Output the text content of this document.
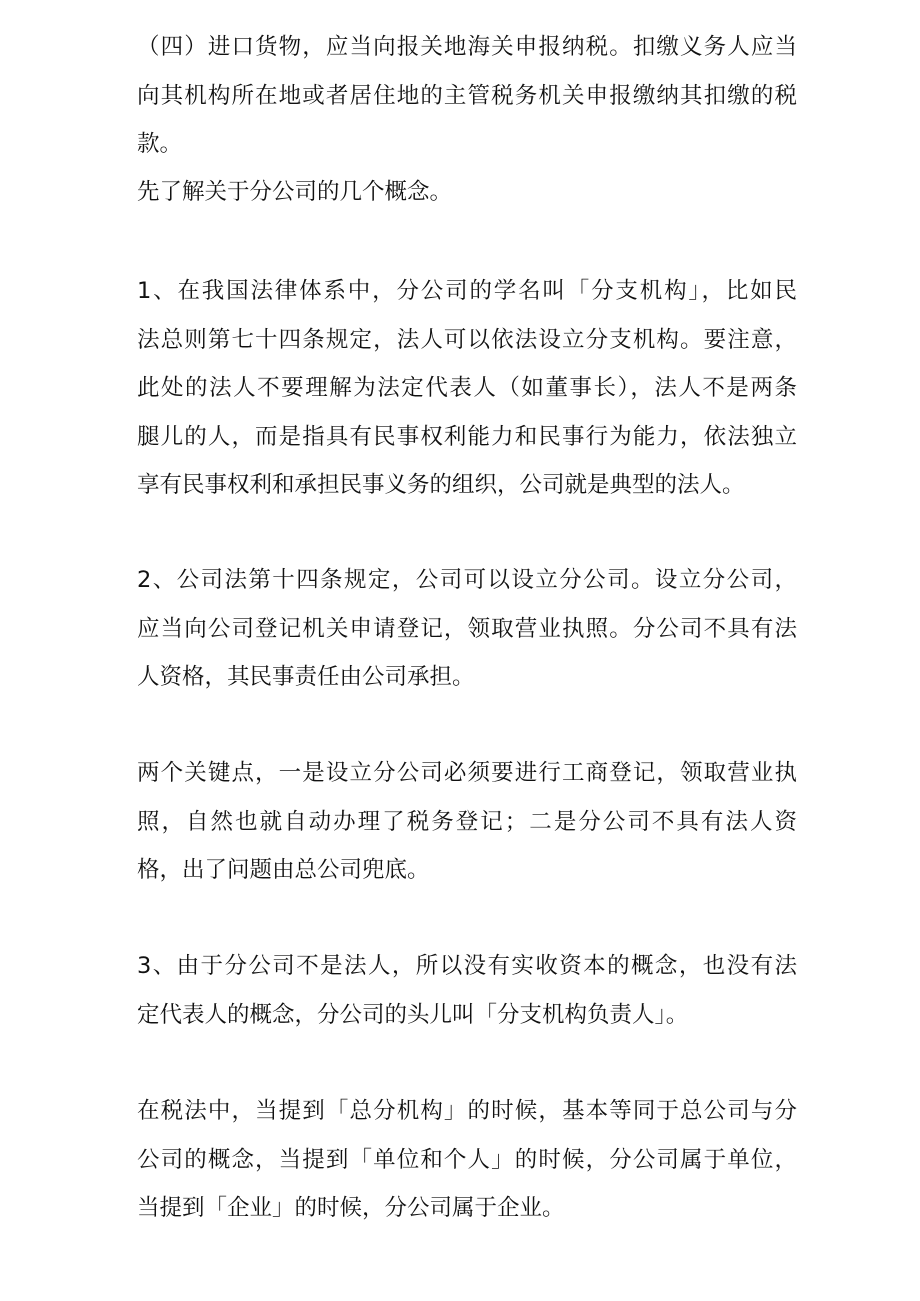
（四）进口货物，应当向报关地海关申报纳税。扣缴义务人应当
向其机构所在地或者居住地的主管税务机关申报缴纳其扣缴的税
款。
先了解关于分公司的几个概念。
1、在我国法律体系中，分公司的学名叫「分支机构」，比如民
法总则第七十四条规定，法人可以依法设立分支机构。要注意，
此处的法人不要理解为法定代表人（如董事长），法人不是两条
腿儿的人，而是指具有民事权利能力和民事行为能力，依法独立
享有民事权利和承担民事义务的组织，公司就是典型的法人。
2、公司法第十四条规定，公司可以设立分公司。设立分公司，
应当向公司登记机关申请登记，领取营业执照。分公司不具有法
人资格，其民事责任由公司承担。
两个关键点，一是设立分公司必须要进行工商登记，领取营业执
照，自然也就自动办理了税务登记；二是分公司不具有法人资
格，出了问题由总公司兜底。
3、由于分公司不是法人，所以没有实收资本的概念，也没有法
定代表人的概念，分公司的头儿叫「分支机构负责人」。
在税法中，当提到「总分机构」的时候，基本等同于总公司与分
公司的概念，当提到「单位和个人」的时候，分公司属于单位，
当提到「企业」的时候，分公司属于企业。
